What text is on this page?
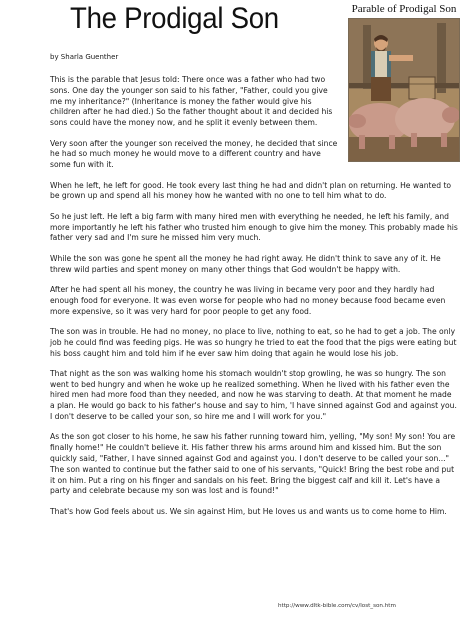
The Prodigal Son	Parable of Prodigal Son
by Sharla Guenther

This is the parable that Jesus told: There once was a father who had two sons. One day the younger son said to his father, "Father, could you give me my inheritance?" (Inheritance is money the father would give his children after he had died.) So the father thought about it and decided his sons could have the money now, and he split it evenly between them.

Very soon after the younger son received the money, he decided that since he had so much money he would move to a different country and have some fun with it.

When he left, he left for good. He took every last thing he had and didn't plan on returning. He wanted to be grown up and spend all his money how he wanted with no one to tell him what to do.

So he just left. He left a big farm with many hired men with everything he needed, he left his family, and more importantly he left his father who trusted him enough to give him the money. This probably made his father very sad and I'm sure he missed him very much.

While the son was gone he spent all the money he had right away. He didn't think to save any of it. He threw wild parties and spent money on many other things that God wouldn't be happy with.

After he had spent all his money, the country he was living in became very poor and they hardly had enough food for everyone. It was even worse for people who had no money because food became even more expensive, so it was very hard for poor people to get any food.

The son was in trouble. He had no money, no place to live, nothing to eat, so he had to get a job. The only job he could find was feeding pigs. He was so hungry he tried to eat the food that the pigs were eating but his boss caught him and told him if he ever saw him doing that again he would lose his job.

That night as the son was walking home his stomach wouldn't stop growling, he was so hungry. The son went to bed hungry and when he woke up he realized something. When he lived with his father even the hired men had more food than they needed, and now he was starving to death. At that moment he made a plan. He would go back to his father's house and say to him, 'I have sinned against God and against you. I don't deserve to be called your son, so hire me and I will work for you."

As the son got closer to his home, he saw his father running toward him, yelling, "My son! My son! You are finally home!" He couldn't believe it. His father threw his arms around him and kissed him. But the son quickly said, "Father, I have sinned against God and against you. I don't deserve to be called your son..." The son wanted to continue but the father said to one of his servants, "Quick! Bring the best robe and put it on him. Put a ring on his finger and sandals on his feet. Bring the biggest calf and kill it. Let's have a party and celebrate because my son was lost and is found!"

That's how God feels about us. We sin against Him, but He loves us and wants us to come home to Him.

http://www.dltk-bible.com/cv/lost_son.htm
